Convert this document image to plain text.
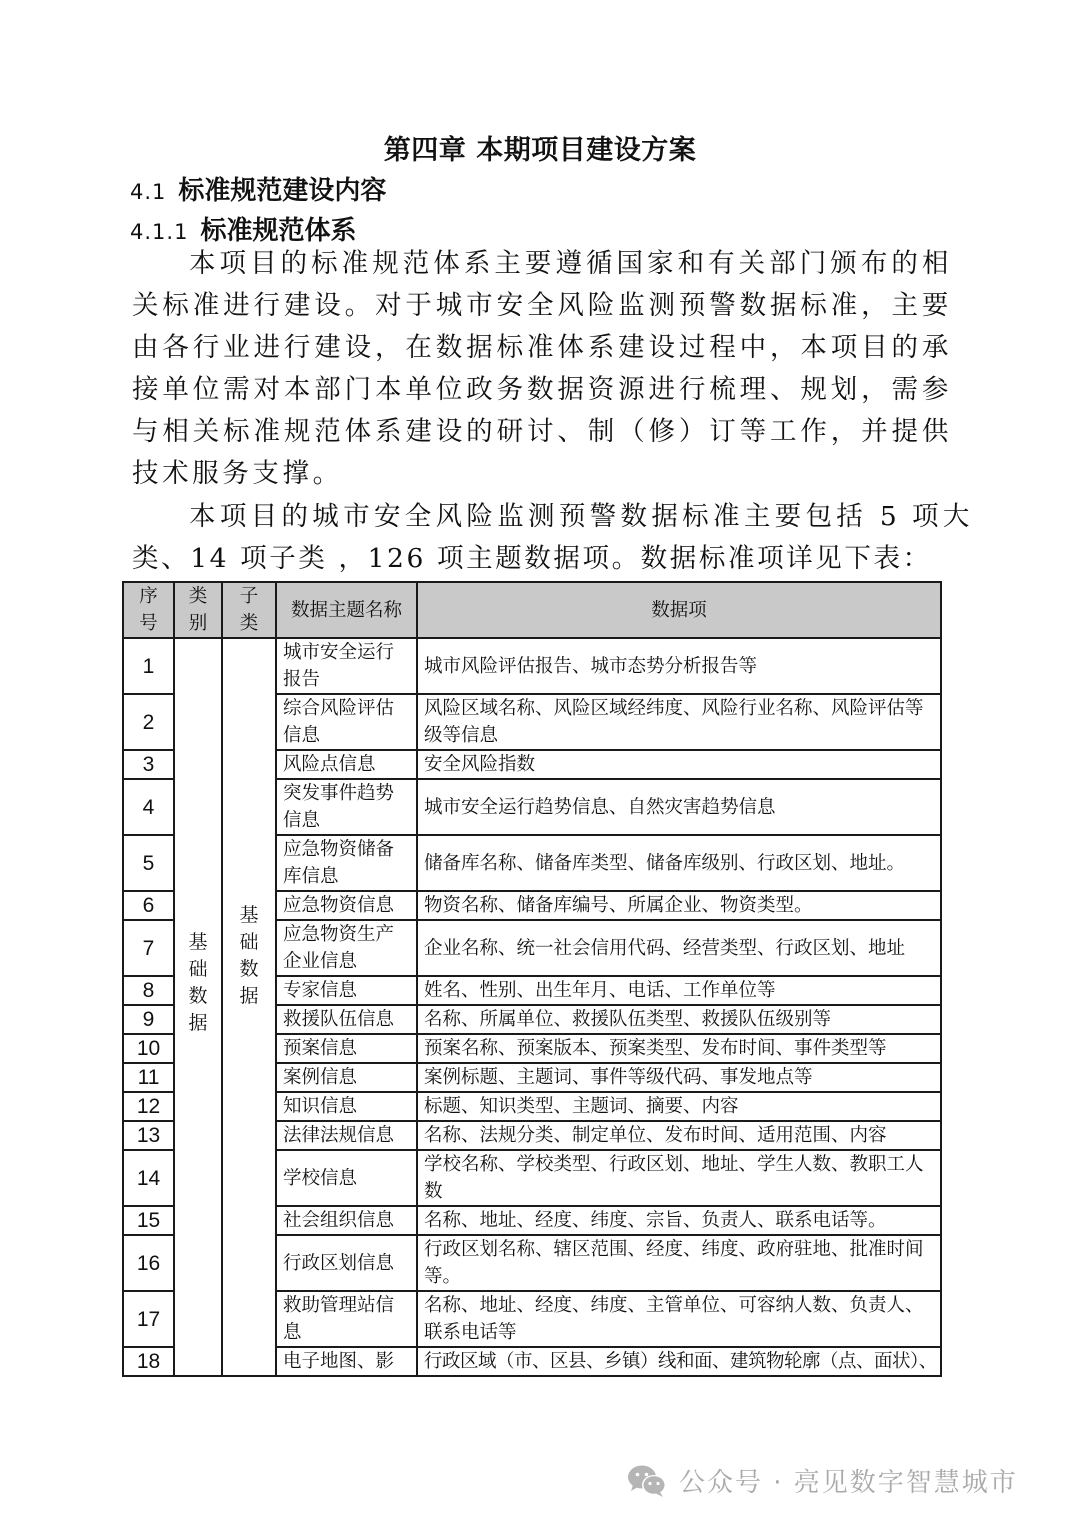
第四章 本期项目建设方案
4.1 标准规范建设内容
4.1.1 标准规范体系

本项目的标准规范体系主要遵循国家和有关部门颁布的相关标准进行建设。对于城市安全风险监测预警数据标准，主要由各行业进行建设，在数据标准体系建设过程中，本项目的承接单位需对本部门本单位政务数据资源进行梳理、规划，需参与相关标准规范体系建设的研讨、制（修）订等工作，并提供技术服务支撑。

本项目的城市安全风险监测预警数据标准主要包括 5 项大类、14 项子类 ，126 项主题数据项。数据标准项详见下表：

序号	类别	子类	数据主题名称	数据项
1	基础数据	基础数据	城市安全运行报告	城市风险评估报告、城市态势分析报告等
2			综合风险评估信息	风险区域名称、风险区域经纬度、风险行业名称、风险评估等级等信息
3			风险点信息	安全风险指数
4			突发事件趋势信息	城市安全运行趋势信息、自然灾害趋势信息
5			应急物资储备库信息	储备库名称、储备库类型、储备库级别、行政区划、地址。
6			应急物资信息	物资名称、储备库编号、所属企业、物资类型。
7			应急物资生产企业信息	企业名称、统一社会信用代码、经营类型、行政区划、地址
8			专家信息	姓名、性别、出生年月、电话、工作单位等
9			救援队伍信息	名称、所属单位、救援队伍类型、救援队伍级别等
10			预案信息	预案名称、预案版本、预案类型、发布时间、事件类型等
11			案例信息	案例标题、主题词、事件等级代码、事发地点等
12			知识信息	标题、知识类型、主题词、摘要、内容
13			法律法规信息	名称、法规分类、制定单位、发布时间、适用范围、内容
14			学校信息	学校名称、学校类型、行政区划、地址、学生人数、教职工人数
15			社会组织信息	名称、地址、经度、纬度、宗旨、负责人、联系电话等。
16			行政区划信息	行政区划名称、辖区范围、经度、纬度、政府驻地、批准时间等。
17			救助管理站信息	名称、地址、经度、纬度、主管单位、可容纳人数、负责人、联系电话等
18			电子地图、影	行政区域（市、区县、乡镇）线和面、建筑物轮廓（点、面状）、
公众号 · 亮见数字智慧城市
